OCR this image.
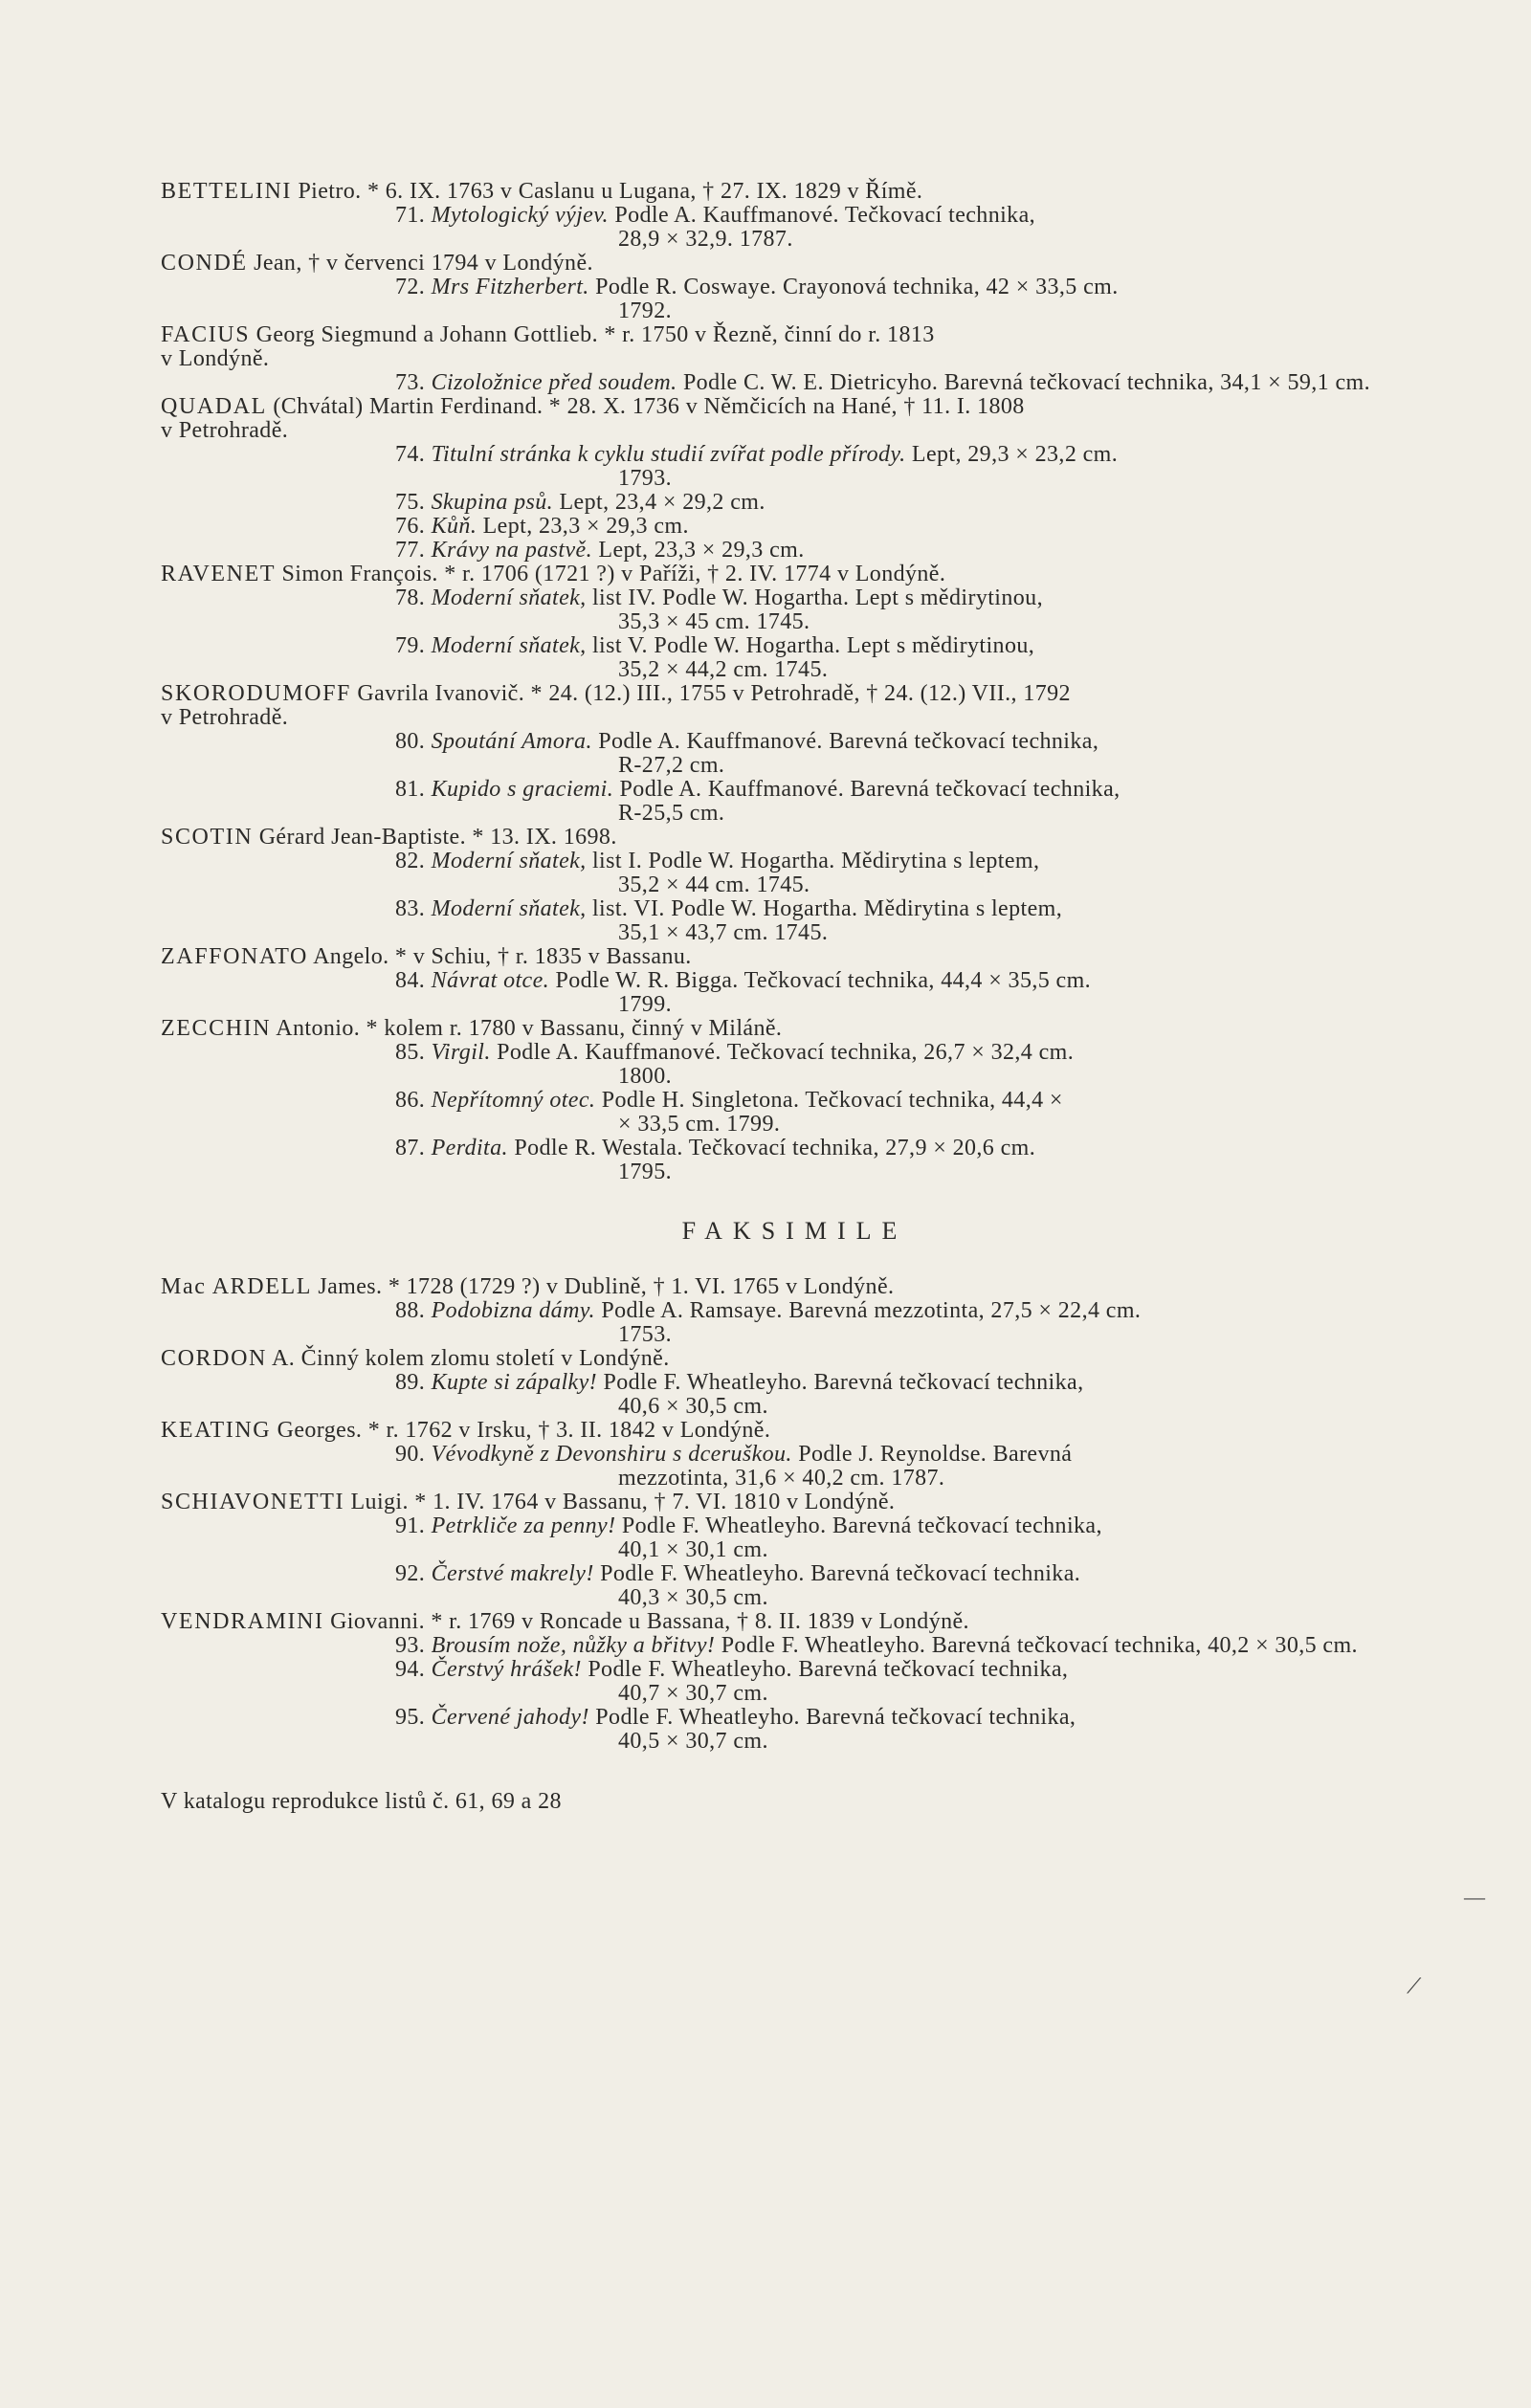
BETTELINI Pietro. * 6. IX. 1763 v Caslanu u Lugana, † 27. IX. 1829 v Římě.
71. Mytologický výjev. Podle A. Kauffmanové. Tečkovací technika,
28,9 × 32,9. 1787.
CONDÉ Jean, † v červenci 1794 v Londýně.
72. Mrs Fitzherbert. Podle R. Coswaye. Crayonová technika, 42 × 33,5 cm.
1792.
FACIUS Georg Siegmund a Johann Gottlieb. * r. 1750 v Řezně, činní do r. 1813
v Londýně.
73. Cizoložnice před soudem. Podle C. W. E. Dietricyho. Barevná tečkovací technika, 34,1 × 59,1 cm.
QUADAL (Chvátal) Martin Ferdinand. * 28. X. 1736 v Němčicích na Hané, † 11. I. 1808
v Petrohradě.
74. Titulní stránka k cyklu studií zvířat podle přírody. Lept, 29,3 × 23,2 cm.
1793.
75. Skupina psů. Lept, 23,4 × 29,2 cm.
76. Kůň. Lept, 23,3 × 29,3 cm.
77. Krávy na pastvě. Lept, 23,3 × 29,3 cm.
RAVENET Simon François. * r. 1706 (1721 ?) v Paříži, † 2. IV. 1774 v Londýně.
78. Moderní sňatek, list IV. Podle W. Hogartha. Lept s mědirytinou,
35,3 × 45 cm. 1745.
79. Moderní sňatek, list V. Podle W. Hogartha. Lept s mědirytinou,
35,2 × 44,2 cm. 1745.
SKORODUMOFF Gavrila Ivanovič. * 24. (12.) III., 1755 v Petrohradě, † 24. (12.) VII., 1792
v Petrohradě.
80. Spoutání Amora. Podle A. Kauffmanové. Barevná tečkovací technika,
R-27,2 cm.
81. Kupido s graciemi. Podle A. Kauffmanové. Barevná tečkovací technika,
R-25,5 cm.
SCOTIN Gérard Jean-Baptiste. * 13. IX. 1698.
82. Moderní sňatek, list I. Podle W. Hogartha. Mědirytina s leptem,
35,2 × 44 cm. 1745.
83. Moderní sňatek, list. VI. Podle W. Hogartha. Mědirytina s leptem,
35,1 × 43,7 cm. 1745.
ZAFFONATO Angelo. * v Schiu, † r. 1835 v Bassanu.
84. Návrat otce. Podle W. R. Bigga. Tečkovací technika, 44,4 × 35,5 cm.
1799.
ZECCHIN Antonio. * kolem r. 1780 v Bassanu, činný v Miláně.
85. Virgil. Podle A. Kauffmanové. Tečkovací technika, 26,7 × 32,4 cm.
1800.
86. Nepřítomný otec. Podle H. Singletona. Tečkovací technika, 44,4 ×
× 33,5 cm. 1799.
87. Perdita. Podle R. Westala. Tečkovací technika, 27,9 × 20,6 cm.
1795.
FAKSIMILE
Mac ARDELL James. * 1728 (1729 ?) v Dublině, † 1. VI. 1765 v Londýně.
88. Podobizna dámy. Podle A. Ramsaye. Barevná mezzotinta, 27,5 × 22,4 cm.
1753.
CORDON A. Činný kolem zlomu století v Londýně.
89. Kupte si zápalky! Podle F. Wheatleyho. Barevná tečkovací technika,
40,6 × 30,5 cm.
KEATING Georges. * r. 1762 v Irsku, † 3. II. 1842 v Londýně.
90. Vévodkyně z Devonshiru s dceruškou. Podle J. Reynoldse. Barevná
mezzotinta, 31,6 × 40,2 cm. 1787.
SCHIAVONETTI Luigi. * 1. IV. 1764 v Bassanu, † 7. VI. 1810 v Londýně.
91. Petrkliče za penny! Podle F. Wheatleyho. Barevná tečkovací technika,
40,1 × 30,1 cm.
92. Čerstvé makrely! Podle F. Wheatleyho. Barevná tečkovací technika.
40,3 × 30,5 cm.
VENDRAMINI Giovanni. * r. 1769 v Roncade u Bassana, † 8. II. 1839 v Londýně.
93. Brousím nože, nůžky a břitvy! Podle F. Wheatleyho. Barevná tečkovací technika, 40,2 × 30,5 cm.
94. Čerstvý hrášek! Podle F. Wheatleyho. Barevná tečkovací technika,
40,7 × 30,7 cm.
95. Červené jahody! Podle F. Wheatleyho. Barevná tečkovací technika,
40,5 × 30,7 cm.
V katalogu reprodukce listů č. 61, 69 a 28
—
⟋
